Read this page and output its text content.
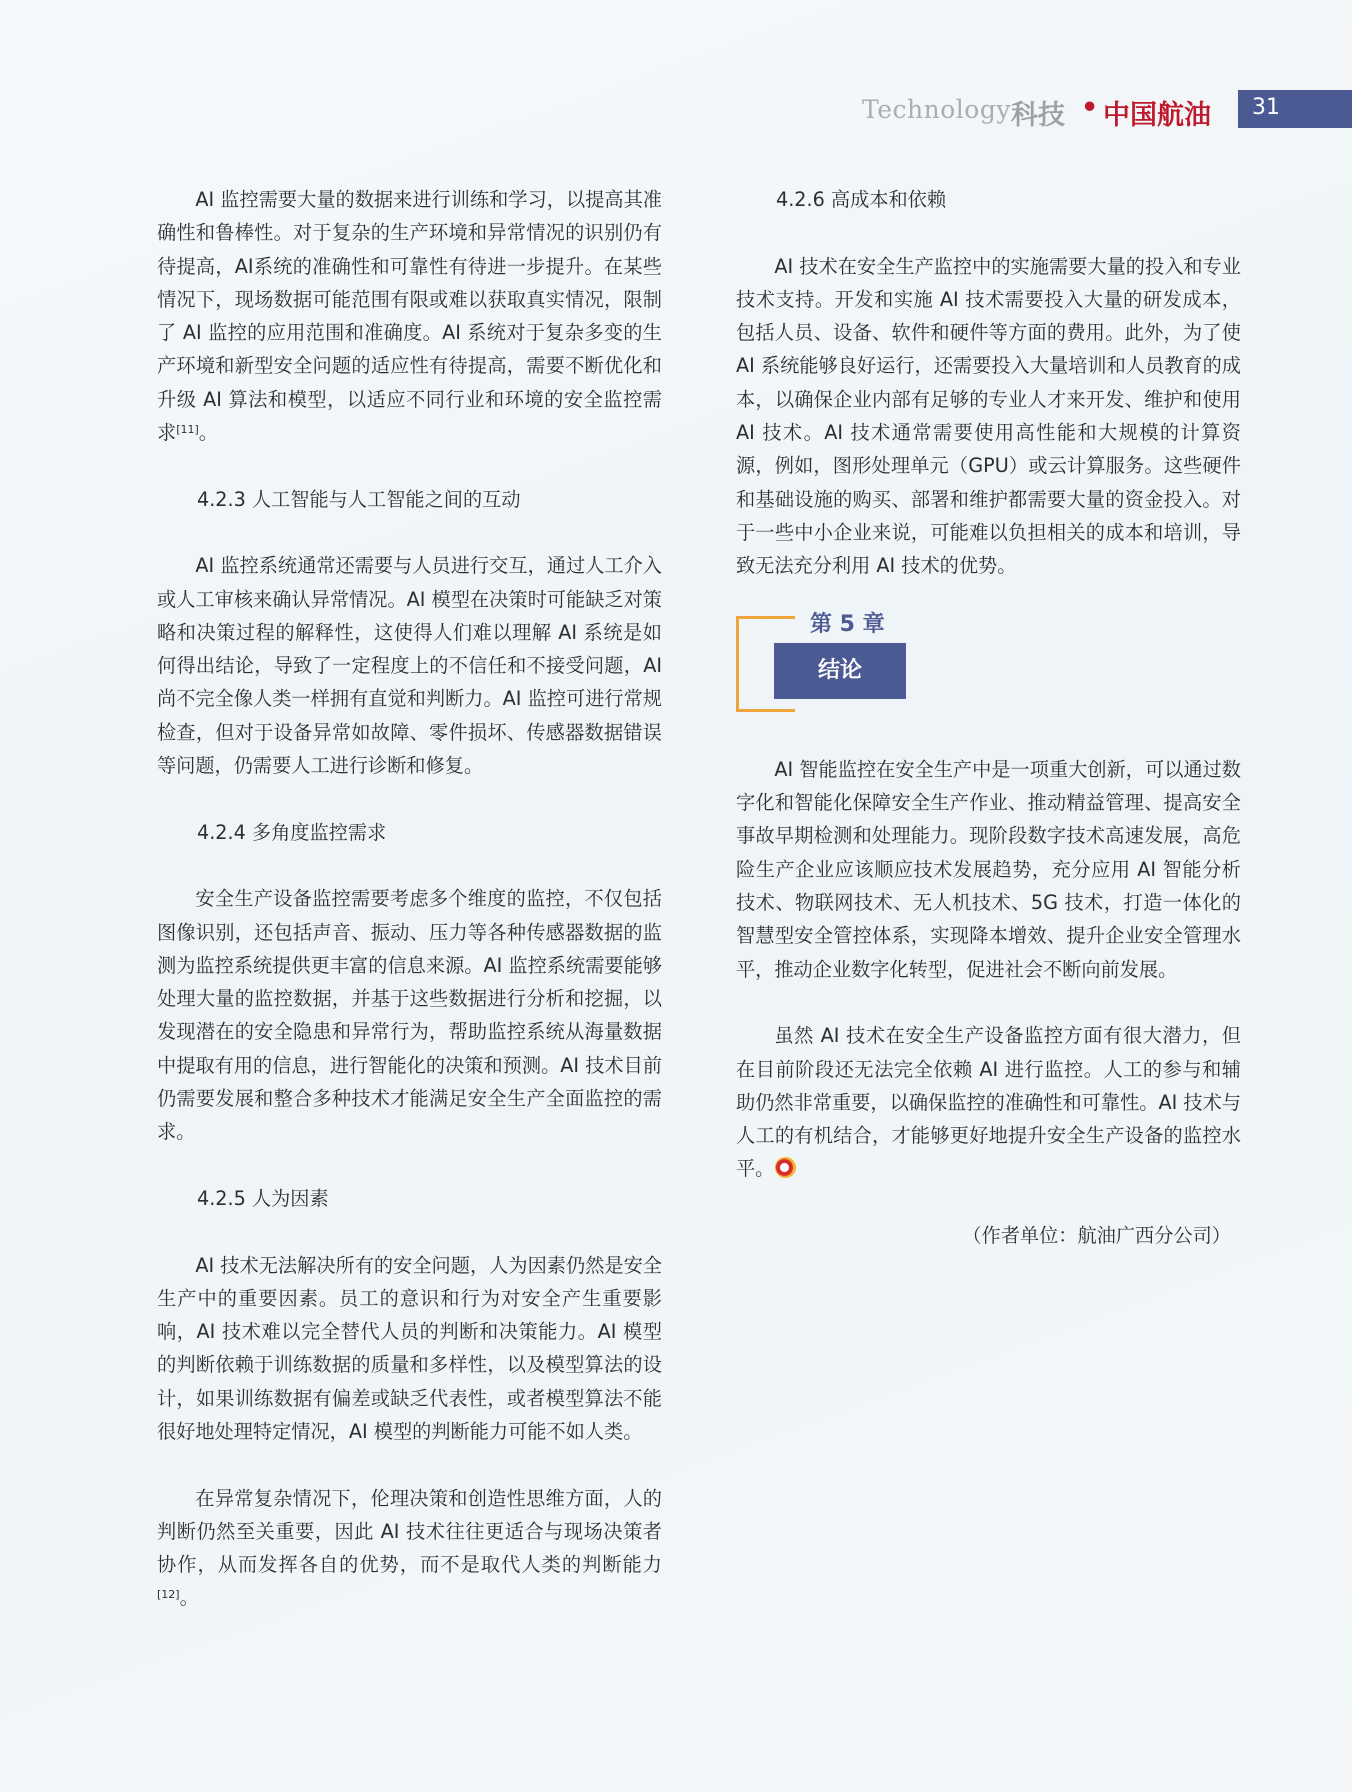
Technology 科技 • 中国航油 31

AI 监控需要大量的数据来进行训练和学习，以提高其准确性和鲁棒性。对于复杂的生产环境和异常情况的识别仍有待提高，AI系统的准确性和可靠性有待进一步提升。在某些情况下，现场数据可能范围有限或难以获取真实情况，限制了 AI 监控的应用范围和准确度。AI 系统对于复杂多变的生产环境和新型安全问题的适应性有待提高，需要不断优化和升级 AI 算法和模型，以适应不同行业和环境的安全监控需求[11]。

4.2.3 人工智能与人工智能之间的互动

AI 监控系统通常还需要与人员进行交互，通过人工介入或人工审核来确认异常情况。AI 模型在决策时可能缺乏对策略和决策过程的解释性，这使得人们难以理解 AI 系统是如何得出结论，导致了一定程度上的不信任和不接受问题，AI 尚不完全像人类一样拥有直觉和判断力。AI 监控可进行常规检查，但对于设备异常如故障、零件损坏、传感器数据错误等问题，仍需要人工进行诊断和修复。

4.2.4 多角度监控需求

安全生产设备监控需要考虑多个维度的监控，不仅包括图像识别，还包括声音、振动、压力等各种传感器数据的监测为监控系统提供更丰富的信息来源。AI 监控系统需要能够处理大量的监控数据，并基于这些数据进行分析和挖掘，以发现潜在的安全隐患和异常行为，帮助监控系统从海量数据中提取有用的信息，进行智能化的决策和预测。AI 技术目前仍需要发展和整合多种技术才能满足安全生产全面监控的需求。

4.2.5 人为因素

AI 技术无法解决所有的安全问题，人为因素仍然是安全生产中的重要因素。员工的意识和行为对安全产生重要影响，AI 技术难以完全替代人员的判断和决策能力。AI 模型的判断依赖于训练数据的质量和多样性，以及模型算法的设计，如果训练数据有偏差或缺乏代表性，或者模型算法不能很好地处理特定情况，AI 模型的判断能力可能不如人类。

在异常复杂情况下，伦理决策和创造性思维方面，人的判断仍然至关重要，因此 AI 技术往往更适合与现场决策者协作，从而发挥各自的优势，而不是取代人类的判断能力[12]。

4.2.6 高成本和依赖

AI 技术在安全生产监控中的实施需要大量的投入和专业技术支持。开发和实施 AI 技术需要投入大量的研发成本，包括人员、设备、软件和硬件等方面的费用。此外，为了使 AI 系统能够良好运行，还需要投入大量培训和人员教育的成本，以确保企业内部有足够的专业人才来开发、维护和使用 AI 技术。AI 技术通常需要使用高性能和大规模的计算资源，例如，图形处理单元（GPU）或云计算服务。这些硬件和基础设施的购买、部署和维护都需要大量的资金投入。对于一些中小企业来说，可能难以负担相关的成本和培训，导致无法充分利用 AI 技术的优势。

结论
第 5 章

AI 智能监控在安全生产中是一项重大创新，可以通过数字化和智能化保障安全生产作业、推动精益管理、提高安全事故早期检测和处理能力。现阶段数字技术高速发展，高危险生产企业应该顺应技术发展趋势，充分应用 AI 智能分析技术、物联网技术、无人机技术、5G 技术，打造一体化的智慧型安全管控体系，实现降本增效、提升企业安全管理水平，推动企业数字化转型，促进社会不断向前发展。

虽然 AI 技术在安全生产设备监控方面有很大潜力，但在目前阶段还无法完全依赖 AI 进行监控。人工的参与和辅助仍然非常重要，以确保监控的准确性和可靠性。AI 技术与人工的有机结合，才能够更好地提升安全生产设备的监控水平。

（作者单位：航油广西分公司）
